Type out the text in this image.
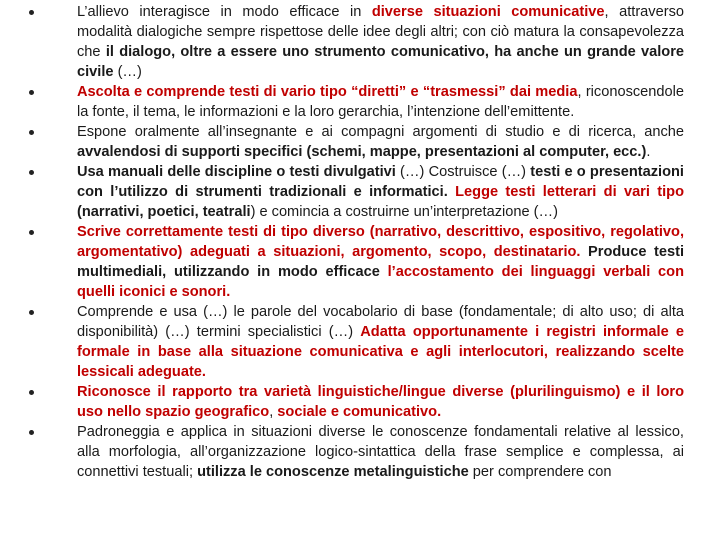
L’allievo interagisce in modo efficace in diverse situazioni comunicative, attraverso modalità dialogiche sempre rispettose delle idee degli altri; con ciò matura la consapevolezza che il dialogo, oltre a essere uno strumento comunicativo, ha anche un grande valore civile (…)
Ascolta e comprende testi di vario tipo “diretti” e “trasmessi” dai media, riconoscendole la fonte, il tema, le informazioni e la loro gerarchia, l’intenzione dell’emittente.
Espone oralmente all’insegnante e ai compagni argomenti di studio e di ricerca, anche avvalendosi di supporti specifici (schemi, mappe, presentazioni al computer, ecc.).
Usa manuali delle discipline o testi divulgativi (…) Costruisce (…) testi e o presentazioni con l’utilizzo di strumenti tradizionali e informatici. Legge testi letterari di vari tipo (narrativi, poetici, teatrali) e comincia a costruirne un’interpretazione (…)
Scrive correttamente testi di tipo diverso (narrativo, descrittivo, espositivo, regolativo, argomentativo) adeguati a situazioni, argomento, scopo, destinatario. Produce testi multimediali, utilizzando in modo efficace l’accostamento dei linguaggi verbali con quelli iconici e sonori.
Comprende e usa (…) le parole del vocabolario di base (fondamentale; di alto uso; di alta disponibilità) (…) termini specialistici (…) Adatta opportunamente i registri informale e formale in base alla situazione comunicativa e agli interlocutori, realizzando scelte lessicali adeguate.
Riconosce il rapporto tra varietà linguistiche/lingue diverse (plurilinguismo) e il loro uso nello spazio geografico, sociale e comunicativo.
Padroneggia e applica in situazioni diverse le conoscenze fondamentali relative al lessico, alla morfologia, all’organizzazione logico-sintattica della frase semplice e complessa, ai connettivi testuali; utilizza le conoscenze metalinguistiche per comprendere con
